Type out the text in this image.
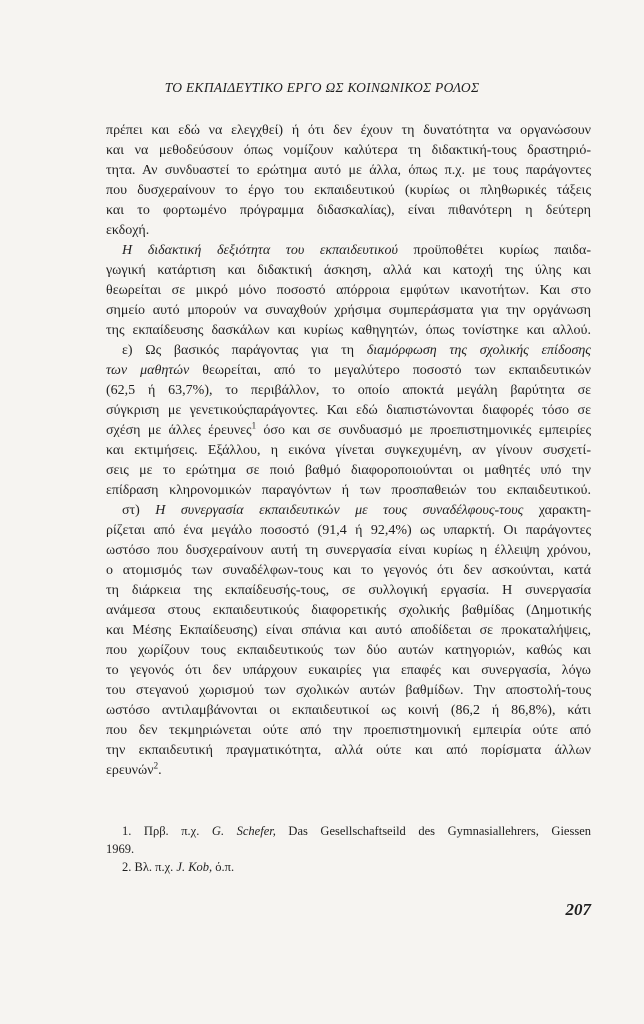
ΤΟ ΕΚΠΑΙΔΕΥΤΙΚΟ ΕΡΓΟ ΩΣ ΚΟΙΝΩΝΙΚΟΣ ΡΟΛΟΣ
πρέπει και εδώ να ελεγχθεί) ή ότι δεν έχουν τη δυνατότητα να οργανώσουν
και να μεθοδεύσουν όπως νομίζουν καλύτερα τη διδακτική-τους δραστηριό-
τητα. Αν συνδυαστεί το ερώτημα αυτό με άλλα, όπως π.χ. με τους παράγοντες
που δυσχεραίνουν το έργο του εκπαιδευτικού (κυρίως οι πληθωρικές τάξεις
και το φορτωμένο πρόγραμμα διδασκαλίας), είναι πιθανότερη η δεύτερη
εκδοχή.
Η διδακτική δεξιότητα του εκπαιδευτικού προϋποθέτει κυρίως παιδα-
γωγική κατάρτιση και διδακτική άσκηση, αλλά και κατοχή της ύλης και
θεωρείται σε μικρό μόνο ποσοστό απόρροια εμφύτων ικανοτήτων. Και στο
σημείο αυτό μπορούν να συναχθούν χρήσιμα συμπεράσματα για την οργάνωση
της εκπαίδευσης δασκάλων και κυρίως καθηγητών, όπως τονίστηκε και αλλού.
ε) Ως βασικός παράγοντας για τη διαμόρφωση της σχολικής επίδοσης
των μαθητών θεωρείται, από το μεγαλύτερο ποσοστό των εκπαιδευτικών
(62,5 ή 63,7%), το περιβάλλον, το οποίο αποκτά μεγάλη βαρύτητα σε
σύγκριση με γενετικούςπαράγοντες. Και εδώ διαπιστώνονται διαφορές τόσο σε
σχέση με άλλες έρευνες$^1$ όσο και σε συνδυασμό με προεπιστημονικές εμπειρίες
και εκτιμήσεις. Εξάλλου, η εικόνα γίνεται συγκεχυμένη, αν γίνουν συσχετί-
σεις με το ερώτημα σε ποιό βαθμό διαφοροποιούνται οι μαθητές υπό την
επίδραση κληρονομικών παραγόντων ή των προσπαθειών του εκπαιδευτικού.
στ) Η συνεργασία εκπαιδευτικών με τους συναδέλφους-τους χαρακτη-
ρίζεται από ένα μεγάλο ποσοστό (91,4 ή 92,4%) ως υπαρκτή. Οι παράγοντες
ωστόσο που δυσχεραίνουν αυτή τη συνεργασία είναι κυρίως η έλλειψη χρόνου,
ο ατομισμός των συναδέλφων-τους και το γεγονός ότι δεν ασκούνται, κατά
τη διάρκεια της εκπαίδευσής-τους, σε συλλογική εργασία. Η συνεργασία
ανάμεσα στους εκπαιδευτικούς διαφορετικής σχολικής βαθμίδας (Δημοτικής
και Μέσης Εκπαίδευσης) είναι σπάνια και αυτό αποδίδεται σε προκαταλήψεις,
που χωρίζουν τους εκπαιδευτικούς των δύο αυτών κατηγοριών, καθώς και
το γεγονός ότι δεν υπάρχουν ευκαιρίες για επαφές και συνεργασία, λόγω
του στεγανού χωρισμού των σχολικών αυτών βαθμίδων. Την αποστολή-τους
ωστόσο αντιλαμβάνονται οι εκπαιδευτικοί ως κοινή (86,2 ή 86,8%), κάτι
που δεν τεκμηριώνεται ούτε από την προεπιστημονική εμπειρία ούτε από
την εκπαιδευτική πραγματικότητα, αλλά ούτε και από πορίσματα άλλων
ερευνών$^2$.
1. Πρβ. π.χ. G. Schefer, Das Gesellschaftseild des Gymnasiallehrers, Giessen
1969.
2. Βλ. π.χ. J. Kob, ό.π.
207
